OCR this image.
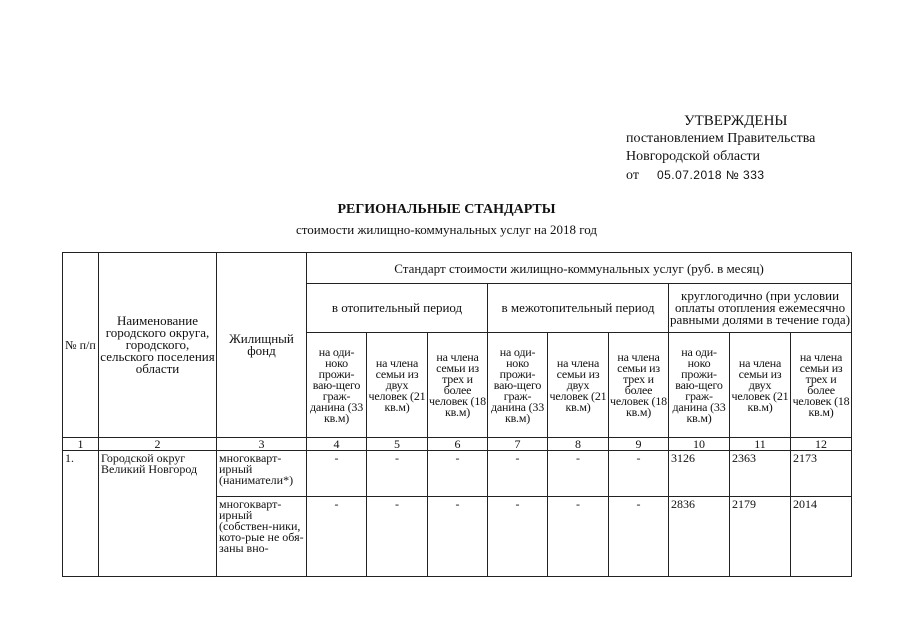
УТВЕРЖДЕНЫ
постановлением Правительства
Новгородской области
от 05.07.2018 № 333
РЕГИОНАЛЬНЫЕ СТАНДАРТЫ
стоимости жилищно-коммунальных услуг на 2018 год
№ п/п	Наименование городского округа, городского, сельского поселения области	Жилищный фонд	Стандарт стоимости жилищно-коммунальных услуг (руб. в месяц)								
			в отопительный период			в межотопительный период			круглогодично (при условии оплаты отопления ежемесячно равными долями в течение года)		
			на оди-ноко прожи-ваю-щего граж-данина (33 кв.м)	на члена семьи из двух человек (21 кв.м)	на члена семьи из трех и более человек (18 кв.м)	на оди-ноко прожи-ваю-щего граж-данина (33 кв.м)	на члена семьи из двух человек (21 кв.м)	на члена семьи из трех и более человек (18 кв.м)	на оди-ноко прожи-ваю-щего граж-данина (33 кв.м)	на члена семьи из двух человек (21 кв.м)	на члена семьи из трех и более человек (18 кв.м)
1	2	3	4	5	6	7	8	9	10	11	12
1.	Городской округ Великий Новгород	многокварт-ирный (наниматели*)	-	-	-	-	-	-	3126	2363	2173
		многокварт-ирный (собствен-ники, кото-рые не обя-заны вно-	-	-	-	-	-	-	2836	2179	2014
